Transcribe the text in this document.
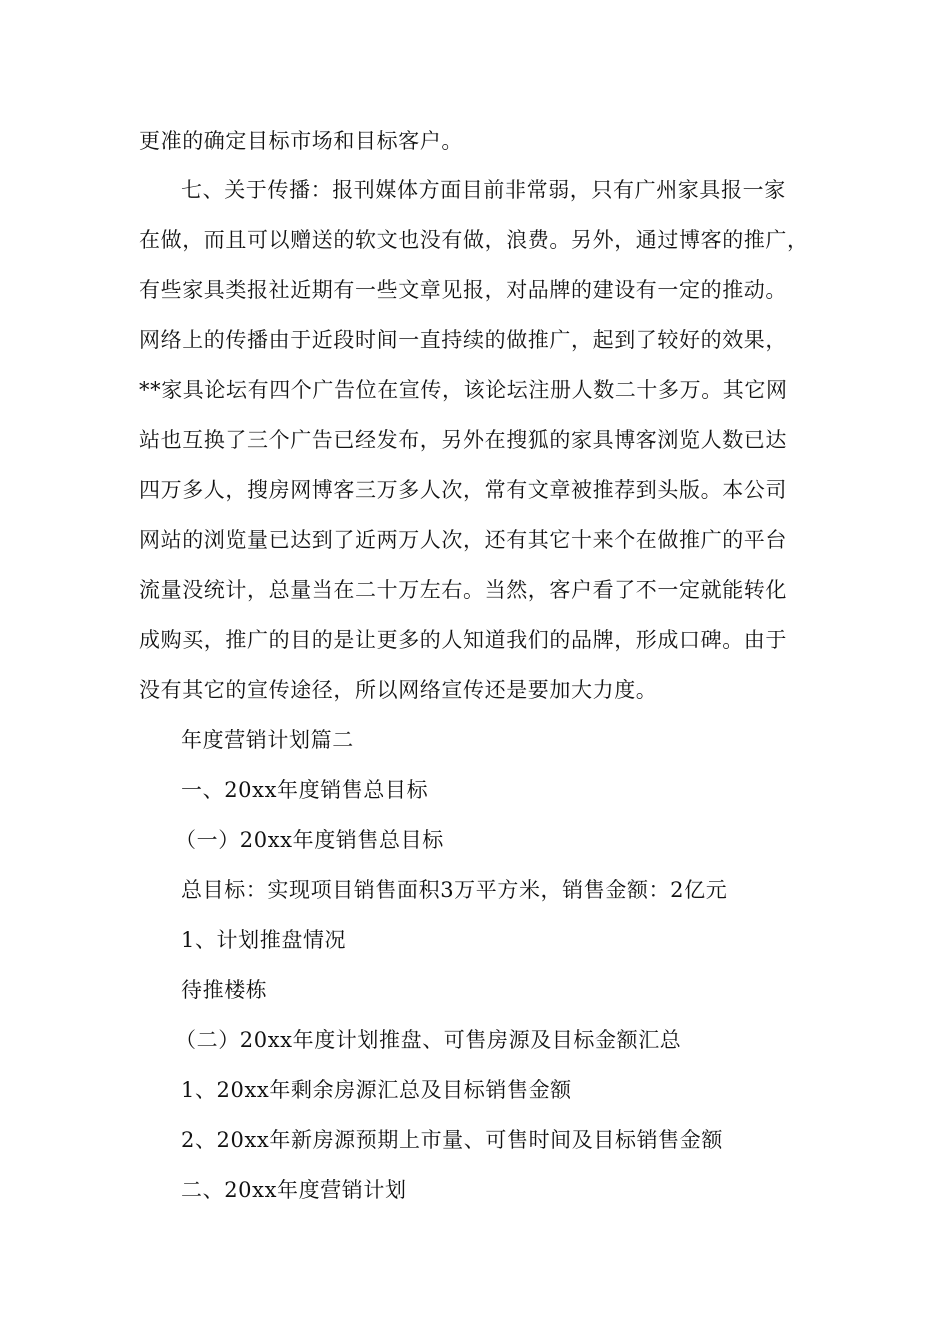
更准的确定目标市场和目标客户。
七、关于传播：报刊媒体方面目前非常弱，只有广州家具报一家
在做，而且可以赠送的软文也没有做，浪费。另外，通过博客的推广，
有些家具类报社近期有一些文章见报，对品牌的建设有一定的推动。
网络上的传播由于近段时间一直持续的做推广，起到了较好的效果，
**家具论坛有四个广告位在宣传，该论坛注册人数二十多万。其它网
站也互换了三个广告已经发布，另外在搜狐的家具博客浏览人数已达
四万多人，搜房网博客三万多人次，常有文章被推荐到头版。本公司
网站的浏览量已达到了近两万人次，还有其它十来个在做推广的平台
流量没统计，总量当在二十万左右。当然，客户看了不一定就能转化
成购买，推广的目的是让更多的人知道我们的品牌，形成口碑。由于
没有其它的宣传途径，所以网络宣传还是要加大力度。
年度营销计划篇二
一、20xx年度销售总目标
（一）20xx年度销售总目标
总目标：实现项目销售面积3万平方米，销售金额：2亿元
1、计划推盘情况
待推楼栋
（二）20xx年度计划推盘、可售房源及目标金额汇总
1、20xx年剩余房源汇总及目标销售金额
2、20xx年新房源预期上市量、可售时间及目标销售金额
二、20xx年度营销计划
